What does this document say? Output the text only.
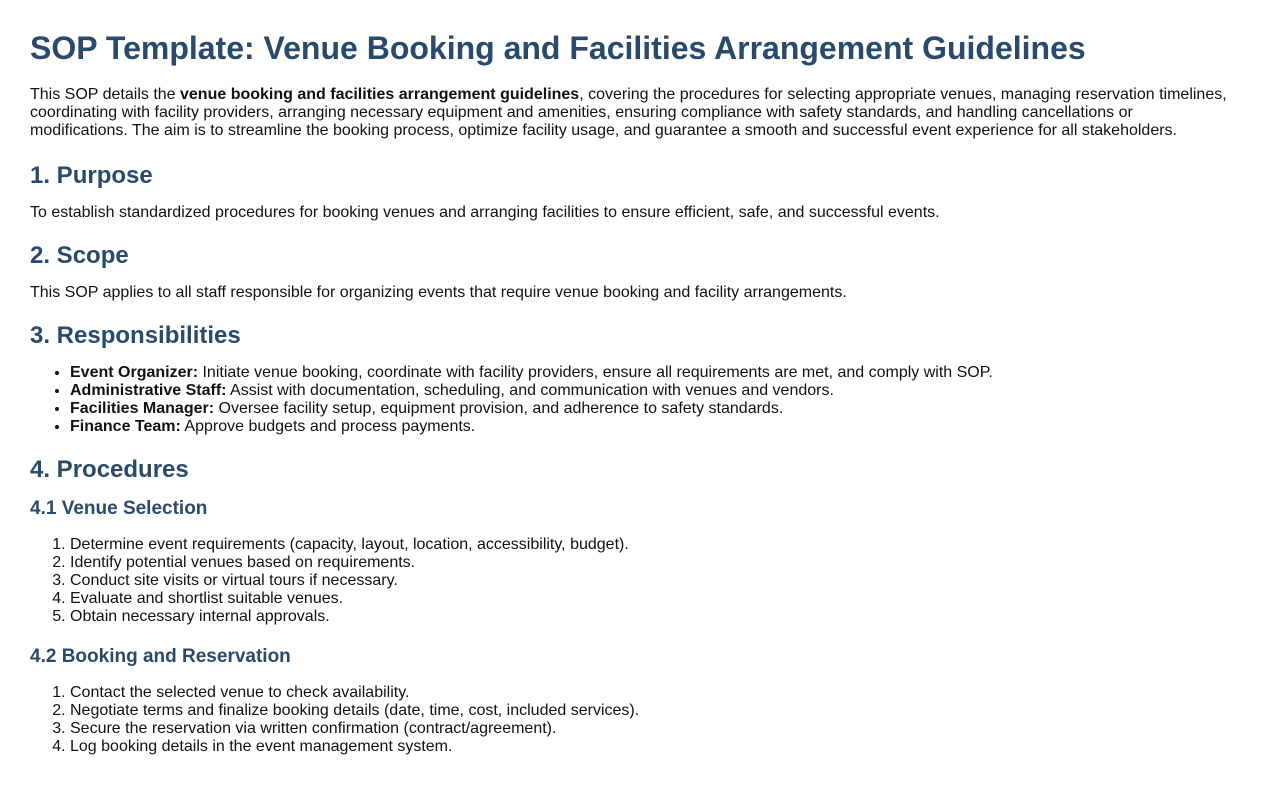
SOP Template: Venue Booking and Facilities Arrangement Guidelines

This SOP details the venue booking and facilities arrangement guidelines, covering the procedures for selecting appropriate venues, managing reservation timelines, coordinating with facility providers, arranging necessary equipment and amenities, ensuring compliance with safety standards, and handling cancellations or modifications. The aim is to streamline the booking process, optimize facility usage, and guarantee a smooth and successful event experience for all stakeholders.

1. Purpose

To establish standardized procedures for booking venues and arranging facilities to ensure efficient, safe, and successful events.

2. Scope

This SOP applies to all staff responsible for organizing events that require venue booking and facility arrangements.

3. Responsibilities
• Event Organizer: Initiate venue booking, coordinate with facility providers, ensure all requirements are met, and comply with SOP.
• Administrative Staff: Assist with documentation, scheduling, and communication with venues and vendors.
• Facilities Manager: Oversee facility setup, equipment provision, and adherence to safety standards.
• Finance Team: Approve budgets and process payments.
4. Procedures
4.1 Venue Selection
1. Determine event requirements (capacity, layout, location, accessibility, budget).
2. Identify potential venues based on requirements.
3. Conduct site visits or virtual tours if necessary.
4. Evaluate and shortlist suitable venues.
5. Obtain necessary internal approvals.
4.2 Booking and Reservation
1. Contact the selected venue to check availability.
2. Negotiate terms and finalize booking details (date, time, cost, included services).
3. Secure the reservation via written confirmation (contract/agreement).
4. Log booking details in the event management system.
